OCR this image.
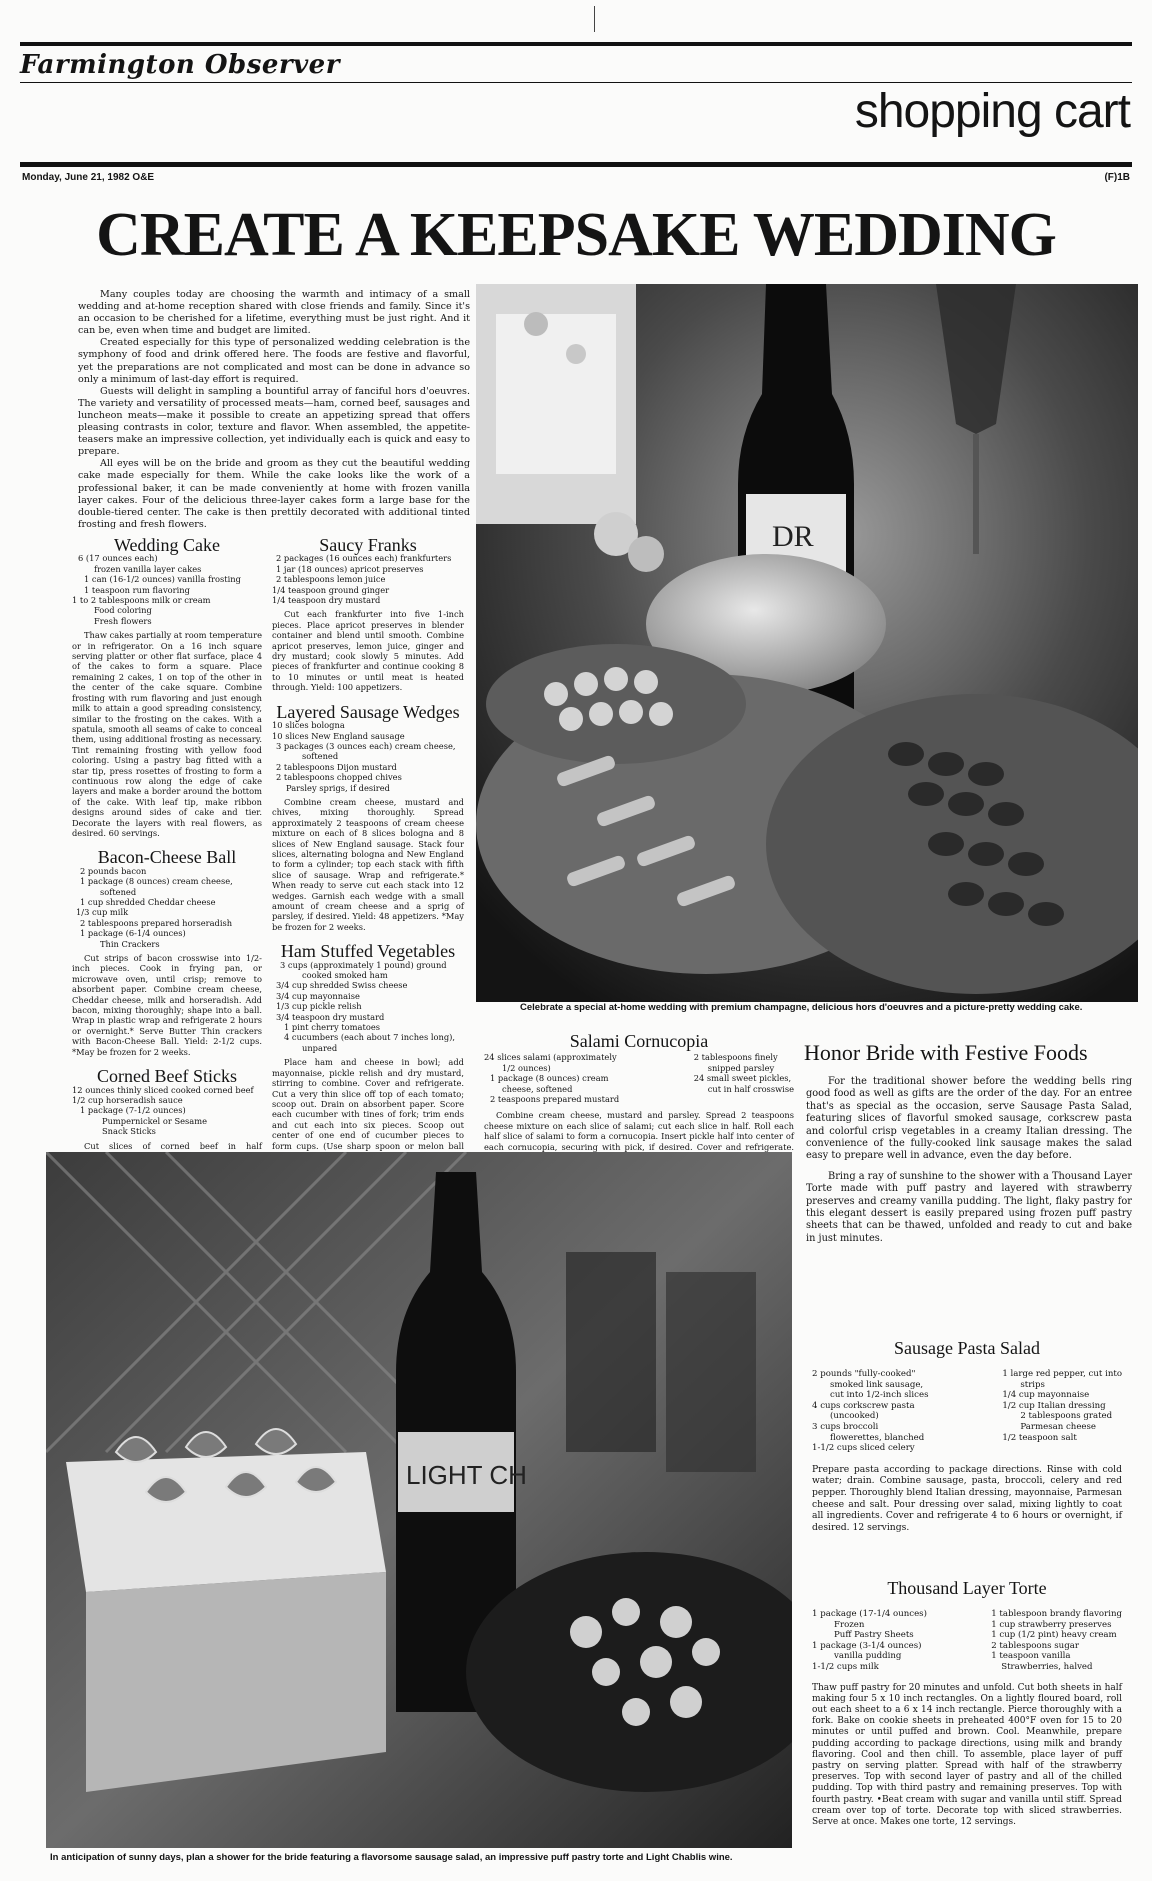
Farmington Observer
shopping cart
Monday, June 21, 1982 O&E	(F)1B
CREATE A KEEPSAKE WEDDING

Many couples today are choosing the warmth and intimacy of a small wedding and at-home reception shared with close friends and family. Since it's an occasion to be cherished for a lifetime, everything must be just right. And it can be, even when time and budget are limited.

Created especially for this type of personalized wedding celebration is the symphony of food and drink offered here. The foods are festive and flavorful, yet the preparations are not complicated and most can be done in advance so only a minimum of last-day effort is required.

Guests will delight in sampling a bountiful array of fanciful hors d'oeuvres. The variety and versatility of processed meats—ham, corned beef, sausages and luncheon meats—make it possible to create an appetizing spread that offers pleasing contrasts in color, texture and flavor. When assembled, the appetite-teasers make an impressive collection, yet individually each is quick and easy to prepare.

All eyes will be on the bride and groom as they cut the beautiful wedding cake made especially for them. While the cake looks like the work of a professional baker, it can be made conveniently at home with frozen vanilla layer cakes. Four of the delicious three-layer cakes form a large base for the double-tiered center. The cake is then prettily decorated with additional tinted frosting and fresh flowers.

Wedding Cake
6 (17 ounces each)
frozen vanilla layer cakes
1 can (16-1/2 ounces) vanilla frosting
1 teaspoon rum flavoring
1 to 2 tablespoons milk or cream
Food coloring
Fresh flowers

Thaw cakes partially at room temperature or in refrigerator. On a 16 inch square serving platter or other flat surface, place 4 of the cakes to form a square. Place remaining 2 cakes, 1 on top of the other in the center of the cake square. Combine frosting with rum flavoring and just enough milk to attain a good spreading consistency, similar to the frosting on the cakes. With a spatula, smooth all seams of cake to conceal them, using additional frosting as necessary. Tint remaining frosting with yellow food coloring. Using a pastry bag fitted with a star tip, press rosettes of frosting to form a continuous row along the edge of cake layers and make a border around the bottom of the cake. With leaf tip, make ribbon designs around sides of cake and tier. Decorate the layers with real flowers, as desired. 60 servings.

Bacon-Cheese Ball
2 pounds bacon
1 package (8 ounces) cream cheese,
softened
1 cup shredded Cheddar cheese
1/3 cup milk
2 tablespoons prepared horseradish
1 package (6-1/4 ounces)
Thin Crackers

Cut strips of bacon crosswise into 1/2-inch pieces. Cook in frying pan, or microwave oven, until crisp; remove to absorbent paper. Combine cream cheese, Cheddar cheese, milk and horseradish. Add bacon, mixing thoroughly; shape into a ball. Wrap in plastic wrap and refrigerate 2 hours or overnight.* Serve Butter Thin crackers with Bacon-Cheese Ball. Yield: 2-1/2 cups. *May be frozen for 2 weeks.

Corned Beef Sticks
12 ounces thinly sliced cooked corned beef
1/2 cup horseradish sauce
1 package (7-1/2 ounces)
Pumpernickel or Sesame
Snack Sticks

Cut slices of corned beef in half

Saucy Franks
2 packages (16 ounces each) frankfurters
1 jar (18 ounces) apricot preserves
2 tablespoons lemon juice
1/4 teaspoon ground ginger
1/4 teaspoon dry mustard

Cut each frankfurter into five 1-inch pieces. Place apricot preserves in blender container and blend until smooth. Combine apricot preserves, lemon juice, ginger and dry mustard; cook slowly 5 minutes. Add pieces of frankfurter and continue cooking 8 to 10 minutes or until meat is heated through. Yield: 100 appetizers.

Layered Sausage Wedges
10 slices bologna
10 slices New England sausage
3 packages (3 ounces each) cream cheese,
softened
2 tablespoons Dijon mustard
2 tablespoons chopped chives
Parsley sprigs, if desired

Combine cream cheese, mustard and chives, mixing thoroughly. Spread approximately 2 teaspoons of cream cheese mixture on each of 8 slices bologna and 8 slices of New England sausage. Stack four slices, alternating bologna and New England to form a cylinder; top each stack with fifth slice of sausage. Wrap and refrigerate.* When ready to serve cut each stack into 12 wedges. Garnish each wedge with a small amount of cream cheese and a sprig of parsley, if desired. Yield: 48 appetizers. *May be frozen for 2 weeks.

Ham Stuffed Vegetables
3 cups (approximately 1 pound) ground
cooked smoked ham
3/4 cup shredded Swiss cheese
3/4 cup mayonnaise
1/3 cup pickle relish
3/4 teaspoon dry mustard
1 pint cherry tomatoes
4 cucumbers (each about 7 inches long),
unpared

Place ham and cheese in bowl; add mayonnaise, pickle relish and dry mustard, stirring to combine. Cover and refrigerate. Cut a very thin slice off top of each tomato; scoop out. Drain on absorbent paper. Score each cucumber with tines of fork; trim ends and cut each into six pieces. Scoop out center of one end of cucumber pieces to form cups. (Use sharp spoon or melon ball

DR
Celebrate a special at-home wedding with premium champagne, delicious hors d'oeuvres and a picture-pretty wedding cake.
Salami Cornucopia
24 slices salami (approximately
1/2 ounces)
1 package (8 ounces) cream
cheese, softened
2 teaspoons prepared mustard
2 tablespoons finely
snipped parsley
24 small sweet pickles,
cut in half crosswise

Combine cream cheese, mustard and parsley. Spread 2 teaspoons cheese mixture on each slice of salami; cut each slice in half. Roll each half slice of salami to form a cornucopia. Insert pickle half into center of each cornucopia, securing with pick, if desired. Cover and refrigerate.

Honor Bride with Festive Foods

For the traditional shower before the wedding bells ring good food as well as gifts are the order of the day. For an entree that's as special as the occasion, serve Sausage Pasta Salad, featuring slices of flavorful smoked sausage, corkscrew pasta and colorful crisp vegetables in a creamy Italian dressing. The convenience of the fully-cooked link sausage makes the salad easy to prepare well in advance, even the day before.

Bring a ray of sunshine to the shower with a Thousand Layer Torte made with puff pastry and layered with strawberry preserves and creamy vanilla pudding. The light, flaky pastry for this elegant dessert is easily prepared using frozen puff pastry sheets that can be thawed, unfolded and ready to cut and bake in just minutes.

LIGHT CH
In anticipation of sunny days, plan a shower for the bride featuring a flavorsome sausage salad, an impressive puff pastry torte and Light Chablis wine.
Sausage Pasta Salad
2 pounds "fully-cooked"
smoked link sausage,
cut into 1/2-inch slices
4 cups corkscrew pasta
(uncooked)
3 cups broccoli
flowerettes, blanched
1-1/2 cups sliced celery
1 large red pepper, cut into
strips
1/4 cup mayonnaise
1/2 cup Italian dressing
2 tablespoons grated
Parmesan cheese
1/2 teaspoon salt
Prepare pasta according to package directions. Rinse with cold water; drain. Combine sausage, pasta, broccoli, celery and red pepper. Thoroughly blend Italian dressing, mayonnaise, Parmesan cheese and salt. Pour dressing over salad, mixing lightly to coat all ingredients. Cover and refrigerate 4 to 6 hours or overnight, if desired. 12 servings.
Thousand Layer Torte
1 package (17-1/4 ounces)
Frozen
Puff Pastry Sheets
1 package (3-1/4 ounces)
vanilla pudding
1-1/2 cups milk
1 tablespoon brandy flavoring
1 cup strawberry preserves
1 cup (1/2 pint) heavy cream
2 tablespoons sugar
1 teaspoon vanilla
Strawberries, halved
Thaw puff pastry for 20 minutes and unfold. Cut both sheets in half making four 5 x 10 inch rectangles. On a lightly floured board, roll out each sheet to a 6 x 14 inch rectangle. Pierce thoroughly with a fork. Bake on cookie sheets in preheated 400°F oven for 15 to 20 minutes or until puffed and brown. Cool. Meanwhile, prepare pudding according to package directions, using milk and brandy flavoring. Cool and then chill. To assemble, place layer of puff pastry on serving platter. Spread with half of the strawberry preserves. Top with second layer of pastry and all of the chilled pudding. Top with third pastry and remaining preserves. Top with fourth pastry. •Beat cream with sugar and vanilla until stiff. Spread cream over top of torte. Decorate top with sliced strawberries. Serve at once. Makes one torte, 12 servings.
